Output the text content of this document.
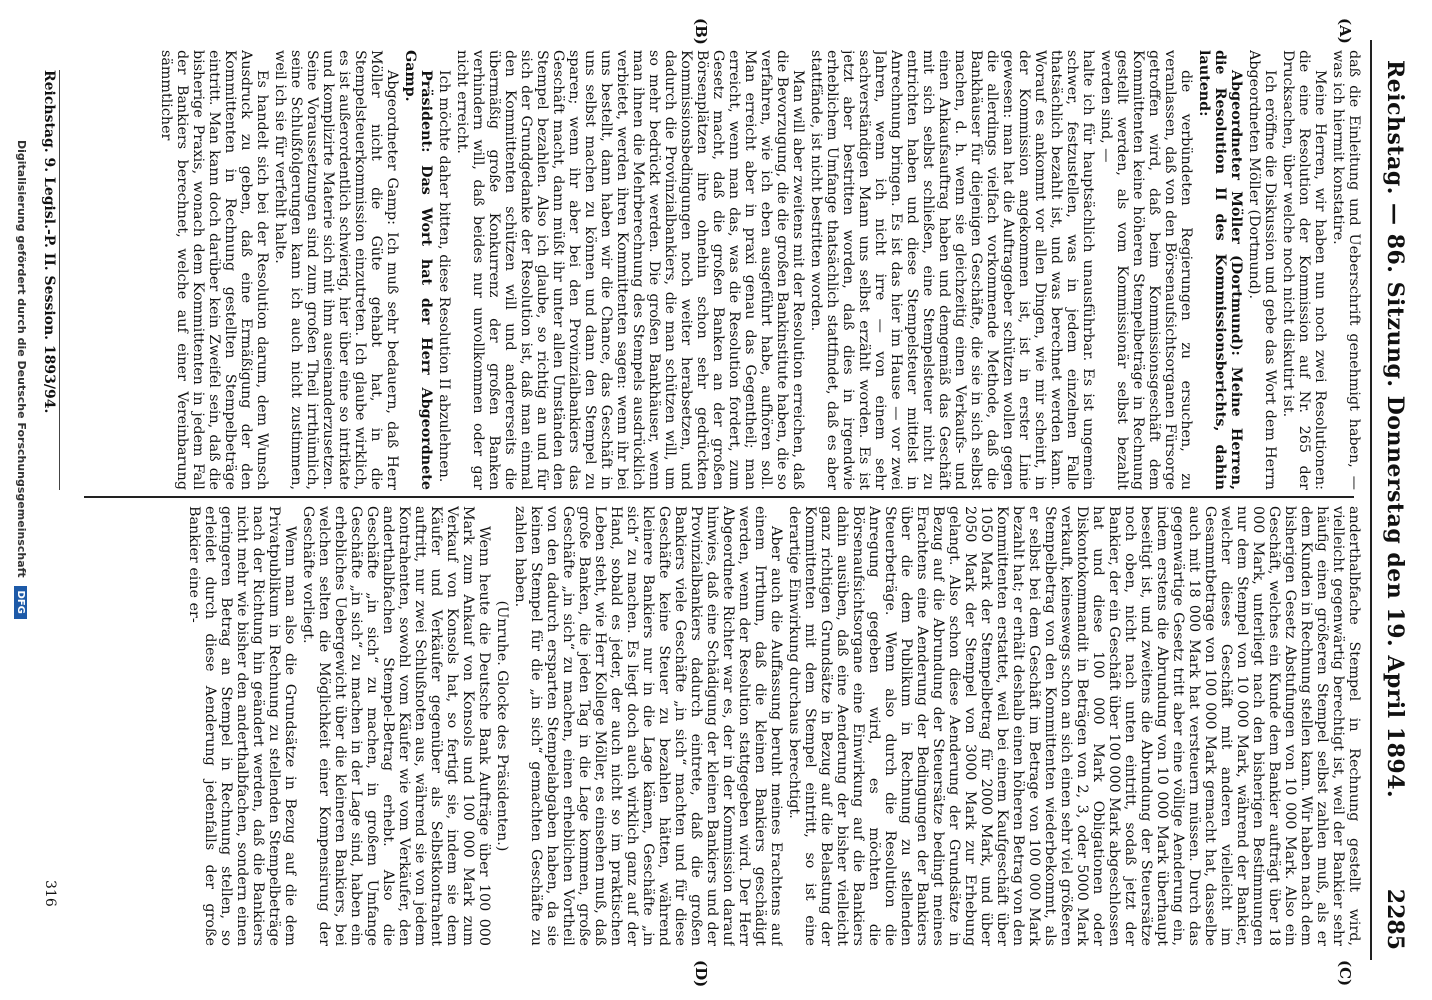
Reichstag. — 86. Sitzung. Donnerstag den 19. April 1894.
2285
(A)
(B)
(C)
(D)

daß die Einleitung und Ueberschrift genehmigt haben, — was ich hiermit konstatire.

Meine Herren, wir haben nun noch zwei Resolutionen: die eine Resolution der Kommission auf Nr. 265 der Drucksachen, über welche noch nicht diskutirt ist.

Ich eröffne die Diskussion und gebe das Wort dem Herrn Abgeordneten Möller (Dortmund).

Abgeordneter Möller (Dortmund): Meine Herren, die Resolution II des Kommissionsberichts, dahin lautend:

die verbündeten Regierungen zu ersuchen, zu veranlassen, daß von den Börsenaufsichtsorganen Fürsorge getroffen wird, daß beim Kommissionsgeschäft dem Kommittenten keine höheren Stempelbeträge in Rechnung gestellt werden, als vom Kommissionär selbst bezahlt werden sind, —

halte ich für hauptsächlich unausführbar. Es ist ungemein schwer, festzustellen, was in jedem einzelnen Falle thatsächlich bezahlt ist, und was berechnet werden kann. Worauf es ankommt vor allen Dingen, wie mir scheint, in der Kommission angekommen ist, ist in erster Linie gewesen: man hat die Auftraggeber schützen wollen gegen die allerdings vielfach vorkommende Methode, daß die Bankhäuser für diejenigen Geschäfte, die sie in sich selbst machen, d. h. wenn sie gleichzeitig einen Verkaufs- und einen Ankaufsauftrag haben und demgemäß das Geschäft mit sich selbst schließen, eine Stempelsteuer nicht zu entrichten haben und diese Stempelsteuer mittelst in Anrechnung bringen. Es ist das hier im Hause — vor zwei Jahren, wenn ich nicht irre — von einem sehr sachverständigen Mann uns selbst erzählt worden. Es ist jetzt aber bestritten worden, daß dies in irgendwie erheblichem Umfange thatsächlich stattfindet, daß es aber stattfände, ist nicht bestritten worden.

Man will aber zweitens mit der Resolution erreichen, daß die Bevorzugung, die die großen Bankinstitute haben, die so verfahren, wie ich eben ausgeführt habe, aufhören soll. Man erreicht aber in praxi genau das Gegentheil; man erreicht, wenn man das, was die Resolution fordert, zum Gesetz macht, daß die großen Banken an der großen Börsenplätzen ihre ohnehin schon sehr gedrückten Kommissionsbedingungen noch weiter herabsetzen, und dadurch die Provinzialbankiers, die man schützen will, um so mehr bedrückt werden. Die großen Bankhäuser, wenn man ihnen die Mehrberechnung des Stempels ausdrücklich verbietet, werden ihren Kommittenten sagen: wenn ihr bei uns bestellt, dann haben wir die Chance, das Geschäft in uns selbst machen zu können und dann den Stempel zu sparen; wenn ihr aber bei den Provinzialbankiers das Geschäft macht, dann müßt ihr unter allen Umständen den Stempel bezahlen. Also ich glaube, so richtig an und für sich der Grundgedanke der Resolution ist, daß man einmal den Kommittenten schützen will und andererseits die übermäßig große Konkurrenz der großen Banken verhindern will, daß beides nur unvollkommen oder gar nicht erreicht.

Ich möchte daher bitten, diese Resolution II abzulehnen.

Präsident: Das Wort hat der Herr Abgeordnete Gamp.

Abgeordneter Gamp: Ich muß sehr bedauern, daß Herr Möller nicht die Güte gehabt hat, in die Stempelsteuerkommission einzutreten. Ich glaube wirklich, es ist außerordentlich schwierig, hier über eine so intrikate und komplizirte Materie sich mit ihm auseinanderzusetzen. Seine Voraussetzungen sind zum großen Theil irrthümlich, seine Schlußfolgerungen kann ich auch nicht zustimmen, weil ich sie für verfehlt halte.

Es handelt sich bei der Resolution darum, dem Wunsch Ausdruck zu geben, daß eine Ermäßigung der den Kommittenten in Rechnung gestellten Stempelbeträge eintritt. Man kann doch darüber kein Zweifel sein, daß die bisherige Praxis, wonach dem Kommittenten in jedem Fall der Bankiers berechnet, welche auf einer Vereinbarung sämmtlicher

anderthalbfache Stempel in Rechnung gestellt wird, vielleicht gegenwärtig berechtigt ist, weil der Bankier sehr häufig einen größeren Stempel selbst zahlen muß, als er dem Kunden in Rechnung stellen kann. Wir haben nach dem bisherigen Gesetz Abstufungen von 10 000 Mark. Also ein Geschäft, welches ein Kunde dem Bankier aufträgt über 18 000 Mark, unterliegt nach den bisherigen Bestimmungen nur dem Stempel von 10 000 Mark, während der Bankier, welcher dieses Geschäft mit anderen vielleicht im Gesammtbetrage von 100 000 Mark gemacht hat, dasselbe auch mit 18 000 Mark hat versteuern müssen. Durch das gegenwärtige Gesetz tritt aber eine völlige Aenderung ein, indem erstens die Abrundung von 10 000 Mark überhaupt beseitigt ist, und zweitens die Abrundung der Steuersätze noch oben, nicht nach unten eintritt, sodaß jetzt der Bankier, der ein Geschäft über 100 000 Mark abgeschlossen hat und diese 100 000 Mark Obligationen oder Diskontokommandit in Beträgen von 2, 3, oder 5000 Mark verkauft, keineswegs schon an sich einen sehr viel größeren Stempelbetrag von den Kommittenten wiederbekommt, als er selbst bei dem Geschäft im Betrage von 100 000 Mark bezahlt hat; er erhält deshalb einen höheren Betrag von den Kommittenten erstattet, weil bei einem Kaufgeschäft über 1050 Mark der Stempelbetrag für 2000 Mark, und über 2050 Mark der Stempel von 3000 Mark zur Erhebung gelangt. Also schon diese Aenderung der Grundsätze in Bezug auf die Abrundung der Steuersätze bedingt meines Erachtens eine Aenderung der Bedingungen der Bankiers über die dem Publikum in Rechnung zu stellenden Steuerbeträge. Wenn also durch die Resolution die Anregung gegeben wird, es möchten die Börsenaufsichtsorgane eine Einwirkung auf die Bankiers dahin ausüben, daß eine Aenderung der bisher vielleicht ganz richtigen Grundsätze in Bezug auf die Belastung der Kommittenten mit dem Stempel eintritt, so ist eine derartige Einwirkung durchaus berechtigt.

Aber auch die Auffassung beruht meines Erachtens auf einem Irrthum, daß die kleinen Bankiers geschädigt werden, wenn der Resolution stattgegeben wird. Der Herr Abgeordnete Richter war es, der in der Kommission darauf hinwies, daß eine Schädigung der kleinen Bankiers und der Provinzialbankiers dadurch eintrete, daß die großen Bankiers viele Geschäfte „in sich“ machten und für diese Geschäfte keine Steuer zu bezahlen hätten, während kleinere Bankiers nur in die Lage kämen, Geschäfte „in sich“ zu machen. Es liegt doch auch wirklich ganz auf der Hand, sobald es jeder, der auch nicht so im praktischen Leben steht, wie Herr Kollege Möller, es einsehen muß, daß große Banken, die jeden Tag in die Lage kommen, große Geschäfte „in sich“ zu machen, einen erheblichen Vortheil von den dadurch ersparten Stempelabgaben haben, da sie keinen Stempel für die „in sich“ gemachten Geschäfte zu zahlen haben.

(Unruhe. Glocke des Präsidenten.)

Wenn heute die Deutsche Bank Aufträge über 100 000 Mark zum Ankauf von Konsols und 100 000 Mark zum Verkauf von Konsols hat, so fertigt sie, indem sie dem Käufer und Verkäufer gegenüber als Selbstkontrahent auftritt, nur zwei Schlußnoten aus, während sie von jedem Kontrahenten, sowohl vom Käufer wie vom Verkäufer, den anderthalbfachen Stempel-Betrag erhebt. Also die Geschäfte „in sich“ zu machen, in großem Umfange Geschäfte „in sich“ zu machen in der Lage sind, haben ein erhebliches Uebergewicht über die kleineren Bankiers, bei welchen selten die Möglichkeit einer Kompensirung der Geschäfte vorliegt.

Wenn man also die Grundsätze in Bezug auf die dem Privatpublikum in Rechnung zu stellenden Stempelbeträge nach der Richtung hin geändert werden, daß die Bankiers nicht mehr wie bisher den anderthalbfachen, sondern einen geringeren Betrag an Stempel in Rechnung stellen, so erleidet durch diese Aenderung jedenfalls der große Bankier eine er-

Reichstag. 9. Legisl.-P. II. Session. 1893/94.
316
Digitalisierung gefördert durch die Deutsche Forschungsgemeinschaft DFG
